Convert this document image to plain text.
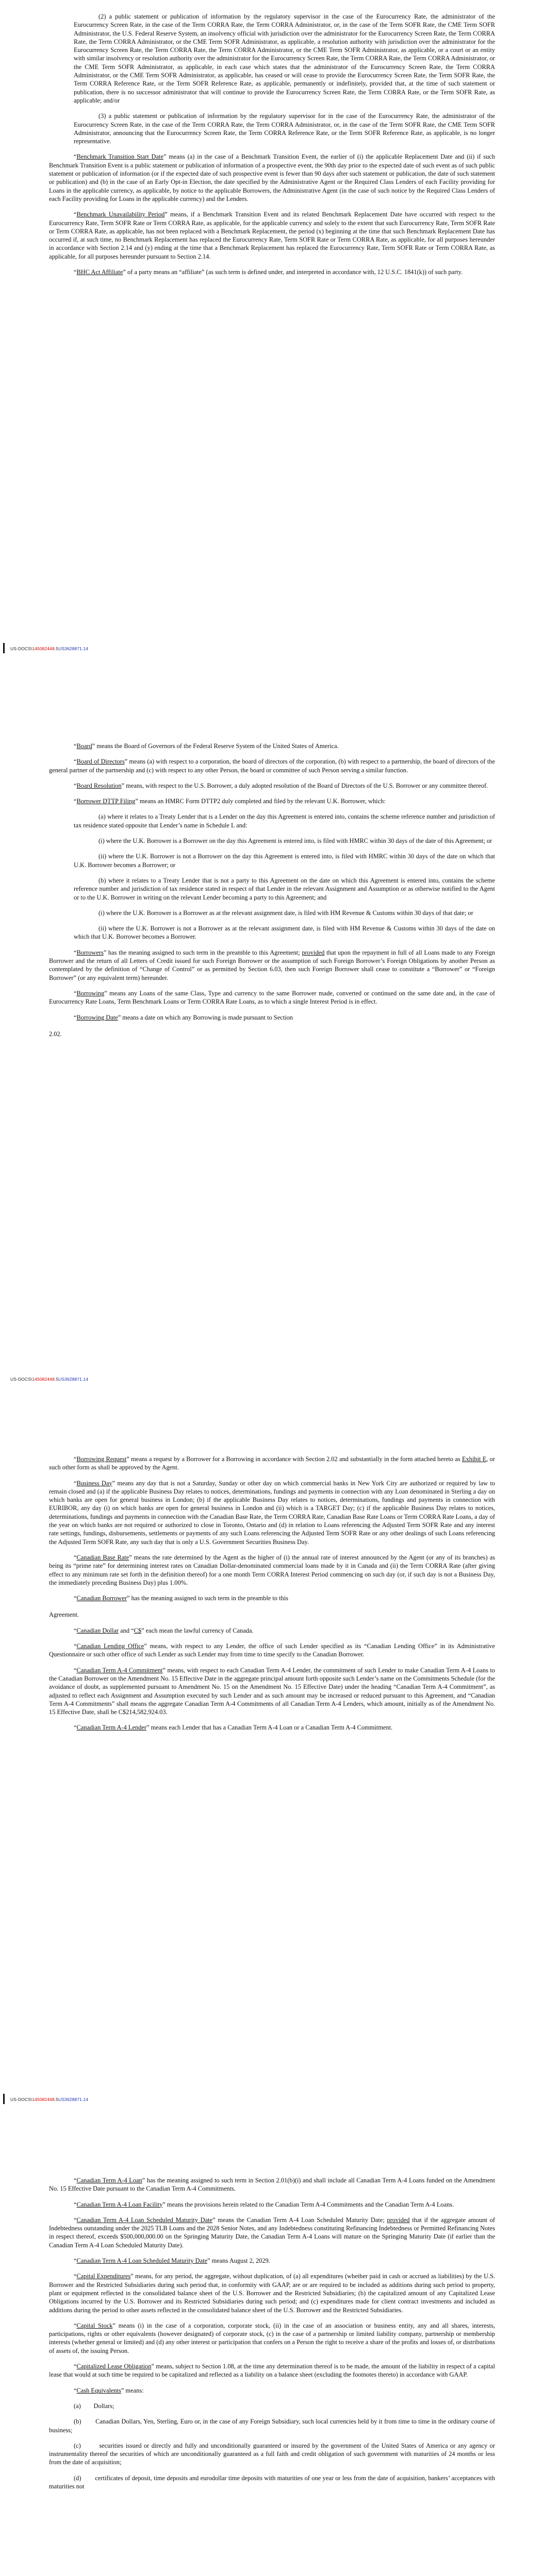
(2) a public statement or publication of information by the regulatory supervisor in the case of the Eurocurrency Rate, the administrator of the Eurocurrency Screen Rate, in the case of the Term CORRA Rate, the Term CORRA Administrator, or, in the case of the Term SOFR Rate, the CME Term SOFR Administrator, the U.S. Federal Reserve System, an insolvency official with jurisdiction over the administrator for the Eurocurrency Screen Rate, the Term CORRA Rate, the Term CORRA Administrator, or the CME Term SOFR Administrator, as applicable, a resolution authority with jurisdiction over the administrator for the Eurocurrency Screen Rate, the Term CORRA Rate, the Term CORRA Administrator, or the CME Term SOFR Administrator, as applicable, or a court or an entity with similar insolvency or resolution authority over the administrator for the Eurocurrency Screen Rate, the Term CORRA Rate, the Term CORRA Administrator, or the CME Term SOFR Administrator, as applicable, in each case which states that the administrator of the Eurocurrency Screen Rate, the Term CORRA Administrator, or the CME Term SOFR Administrator, as applicable, has ceased or will cease to provide the Eurocurrency Screen Rate, the Term SOFR Rate, the Term CORRA Reference Rate, or the Term SOFR Reference Rate, as applicable, permanently or indefinitely, provided that, at the time of such statement or publication, there is no successor administrator that will continue to provide the Eurocurrency Screen Rate, the Term CORRA Rate, or the Term SOFR Rate, as applicable; and/or

(3) a public statement or publication of information by the regulatory supervisor for in the case of the Eurocurrency Rate, the administrator of the Eurocurrency Screen Rate, in the case of the Term CORRA Rate, the Term CORRA Administrator, or, in the case of the Term SOFR Rate, the CME Term SOFR Administrator, announcing that the Eurocurrency Screen Rate, the Term CORRA Reference Rate, or the Term SOFR Reference Rate, as applicable, is no longer representative.

“Benchmark Transition Start Date” means (a) in the case of a Benchmark Transition Event, the earlier of (i) the applicable Replacement Date and (ii) if such Benchmark Transition Event is a public statement or publication of information of a prospective event, the 90th day prior to the expected date of such event as of such public statement or publication of information (or if the expected date of such prospective event is fewer than 90 days after such statement or publication, the date of such statement or publication) and (b) in the case of an Early Opt-in Election, the date specified by the Administrative Agent or the Required Class Lenders of each Facility providing for Loans in the applicable currency, as applicable, by notice to the applicable Borrowers, the Administrative Agent (in the case of such notice by the Required Class Lenders of each Facility providing for Loans in the applicable currency) and the Lenders.

“Benchmark Unavailability Period” means, if a Benchmark Transition Event and its related Benchmark Replacement Date have occurred with respect to the Eurocurrency Rate, Term SOFR Rate or Term CORRA Rate, as applicable, for the applicable currency and solely to the extent that such Eurocurrency Rate, Term SOFR Rate or Term CORRA Rate, as applicable, has not been replaced with a Benchmark Replacement, the period (x) beginning at the time that such Benchmark Replacement Date has occurred if, at such time, no Benchmark Replacement has replaced the Eurocurrency Rate, Term SOFR Rate or Term CORRA Rate, as applicable, for all purposes hereunder in accordance with Section 2.14 and (y) ending at the time that a Benchmark Replacement has replaced the Eurocurrency Rate, Term SOFR Rate or Term CORRA Rate, as applicable, for all purposes hereunder pursuant to Section 2.14.

“BHC Act Affiliate” of a party means an “affiliate” (as such term is defined under, and interpreted in accordance with, 12 U.S.C. 1841(k)) of such party.

US-DOCS\145082448.5US3628871.14

“Board” means the Board of Governors of the Federal Reserve System of the United States of America.

“Board of Directors” means (a) with respect to a corporation, the board of directors of the corporation, (b) with respect to a partnership, the board of directors of the general partner of the partnership and (c) with respect to any other Person, the board or committee of such Person serving a similar function.

“Board Resolution” means, with respect to the U.S. Borrower, a duly adopted resolution of the Board of Directors of the U.S. Borrower or any committee thereof.

“Borrower DTTP Filing” means an HMRC Form DTTP2 duly completed and filed by the relevant U.K. Borrower, which:

(a) where it relates to a Treaty Lender that is a Lender on the day this Agreement is entered into, contains the scheme reference number and jurisdiction of tax residence stated opposite that Lender’s name in Schedule L and:

(i) where the U.K. Borrower is a Borrower on the day this Agreement is entered into, is filed with HMRC within 30 days of the date of this Agreement; or

(ii) where the U.K. Borrower is not a Borrower on the day this Agreement is entered into, is filed with HMRC within 30 days of the date on which that U.K. Borrower becomes a Borrower; or

(b) where it relates to a Treaty Lender that is not a party to this Agreement on the date on which this Agreement is entered into, contains the scheme reference number and jurisdiction of tax residence stated in respect of that Lender in the relevant Assignment and Assumption or as otherwise notified to the Agent or to the U.K. Borrower in writing on the relevant Lender becoming a party to this Agreement; and

(i) where the U.K. Borrower is a Borrower as at the relevant assignment date, is filed with HM Revenue & Customs within 30 days of that date; or

(ii) where the U.K. Borrower is not a Borrower as at the relevant assignment date, is filed with HM Revenue & Customs within 30 days of the date on which that U.K. Borrower becomes a Borrower.

“Borrowers” has the meaning assigned to such term in the preamble to this Agreement; provided that upon the repayment in full of all Loans made to any Foreign Borrower and the return of all Letters of Credit issued for such Foreign Borrower or the assumption of such Foreign Borrower’s Foreign Obligations by another Person as contemplated by the definition of “Change of Control” or as permitted by Section 6.03, then such Foreign Borrower shall cease to constitute a “Borrower” or “Foreign Borrower” (or any equivalent term) hereunder.

“Borrowing” means any Loans of the same Class, Type and currency to the same Borrower made, converted or continued on the same date and, in the case of Eurocurrency Rate Loans, Term Benchmark Loans or Term CORRA Rate Loans, as to which a single Interest Period is in effect.

“Borrowing Date” means a date on which any Borrowing is made pursuant to Section

2.02.

US-DOCS\145082448.5US3628871.14

“Borrowing Request” means a request by a Borrower for a Borrowing in accordance with Section 2.02 and substantially in the form attached hereto as Exhibit E, or such other form as shall be approved by the Agent.

“Business Day” means any day that is not a Saturday, Sunday or other day on which commercial banks in New York City are authorized or required by law to remain closed and (a) if the applicable Business Day relates to notices, determinations, fundings and payments in connection with any Loan denominated in Sterling a day on which banks are open for general business in London; (b) if the applicable Business Day relates to notices, determinations, fundings and payments in connection with EURIBOR, any day (i) on which banks are open for general business in London and (ii) which is a TARGET Day; (c) if the applicable Business Day relates to notices, determinations, fundings and payments in connection with the Canadian Base Rate, the Term CORRA Rate, Canadian Base Rate Loans or Term CORRA Rate Loans, a day of the year on which banks are not required or authorized to close in Toronto, Ontario and (d) in relation to Loans referencing the Adjusted Term SOFR Rate and any interest rate settings, fundings, disbursements, settlements or payments of any such Loans referencing the Adjusted Term SOFR Rate or any other dealings of such Loans referencing the Adjusted Term SOFR Rate, any such day that is only a U.S. Government Securities Business Day.

“Canadian Base Rate” means the rate determined by the Agent as the higher of (i) the annual rate of interest announced by the Agent (or any of its branches) as being its “prime rate” for determining interest rates on Canadian Dollar-denominated commercial loans made by it in Canada and (ii) the Term CORRA Rate (after giving effect to any minimum rate set forth in the definition thereof) for a one month Term CORRA Interest Period commencing on such day (or, if such day is not a Business Day, the immediately preceding Business Day) plus 1.00%.

“Canadian Borrower” has the meaning assigned to such term in the preamble to this

Agreement.

“Canadian Dollar and “C$” each mean the lawful currency of Canada.

“Canadian Lending Office” means, with respect to any Lender, the office of such Lender specified as its “Canadian Lending Office” in its Administrative Questionnaire or such other office of such Lender as such Lender may from time to time specify to the Canadian Borrower.

“Canadian Term A-4 Commitment” means, with respect to each Canadian Term A-4 Lender, the commitment of such Lender to make Canadian Term A-4 Loans to the Canadian Borrower on the Amendment No. 15 Effective Date in the aggregate principal amount forth opposite such Lender’s name on the Commitments Schedule (for the avoidance of doubt, as supplemented pursuant to Amendment No. 15 on the Amendment No. 15 Effective Date) under the heading “Canadian Term A-4 Commitment”, as adjusted to reflect each Assignment and Assumption executed by such Lender and as such amount may be increased or reduced pursuant to this Agreement, and “Canadian Term A-4 Commitments” shall means the aggregate Canadian Term A-4 Commitments of all Canadian Term A-4 Lenders, which amount, initially as of the Amendment No. 15 Effective Date, shall be C$214,582,924.03.

“Canadian Term A-4 Lender” means each Lender that has a Canadian Term A-4 Loan or a Canadian Term A-4 Commitment.

US-DOCS\145082448.5US3628871.14

“Canadian Term A-4 Loan” has the meaning assigned to such term in Section 2.01(b)(i) and shall include all Canadian Term A-4 Loans funded on the Amendment No. 15 Effective Date pursuant to the Canadian Term A-4 Commitments.

“Canadian Term A-4 Loan Facility” means the provisions herein related to the Canadian Term A-4 Commitments and the Canadian Term A-4 Loans.

“Canadian Term A-4 Loan Scheduled Maturity Date” means the Canadian Term A-4 Loan Scheduled Maturity Date; provided that if the aggregate amount of Indebtedness outstanding under the 2025 TLB Loans and the 2028 Senior Notes, and any Indebtedness constituting Refinancing Indebtedness or Permitted Refinancing Notes in respect thereof, exceeds $500,000,000.00 on the Springing Maturity Date, the Canadian Term A-4 Loans will mature on the Springing Maturity Date (if earlier than the Canadian Term A-4 Loan Scheduled Maturity Date).

“Canadian Term A-4 Loan Scheduled Maturity Date” means August 2, 2029.

“Capital Expenditures” means, for any period, the aggregate, without duplication, of (a) all expenditures (whether paid in cash or accrued as liabilities) by the U.S. Borrower and the Restricted Subsidiaries during such period that, in conformity with GAAP, are or are required to be included as additions during such period to property, plant or equipment reflected in the consolidated balance sheet of the U.S. Borrower and the Restricted Subsidiaries; (b) the capitalized amount of any Capitalized Lease Obligations incurred by the U.S. Borrower and its Restricted Subsidiaries during such period; and (c) expenditures made for client contract investments and included as additions during the period to other assets reflected in the consolidated balance sheet of the U.S. Borrower and the Restricted Subsidiaries.

“Capital Stock” means (i) in the case of a corporation, corporate stock, (ii) in the case of an association or business entity, any and all shares, interests, participations, rights or other equivalents (however designated) of corporate stock, (c) in the case of a partnership or limited liability company, partnership or membership interests (whether general or limited) and (d) any other interest or participation that confers on a Person the right to receive a share of the profits and losses of, or distributions of assets of, the issuing Person.

“Capitalized Lease Obligation” means, subject to Section 1.08, at the time any determination thereof is to be made, the amount of the liability in respect of a capital lease that would at such time be required to be capitalized and reflected as a liability on a balance sheet (excluding the footnotes thereto) in accordance with GAAP.

“Cash Equivalents” means:

(a) Dollars;

(b) Canadian Dollars, Yen, Sterling, Euro or, in the case of any Foreign Subsidiary, such local currencies held by it from time to time in the ordinary course of business;

(c)	securities issued or directly and fully and unconditionally guaranteed or insured by the government of the United States of America or any agency or instrumentality thereof the securities of which are unconditionally guaranteed as a full faith and credit obligation of such government with maturities of 24 months or less from the date of acquisition;

(d) certificates of deposit, time deposits and eurodollar time deposits with maturities of one year or less from the date of acquisition, bankers’ acceptances with maturities not
